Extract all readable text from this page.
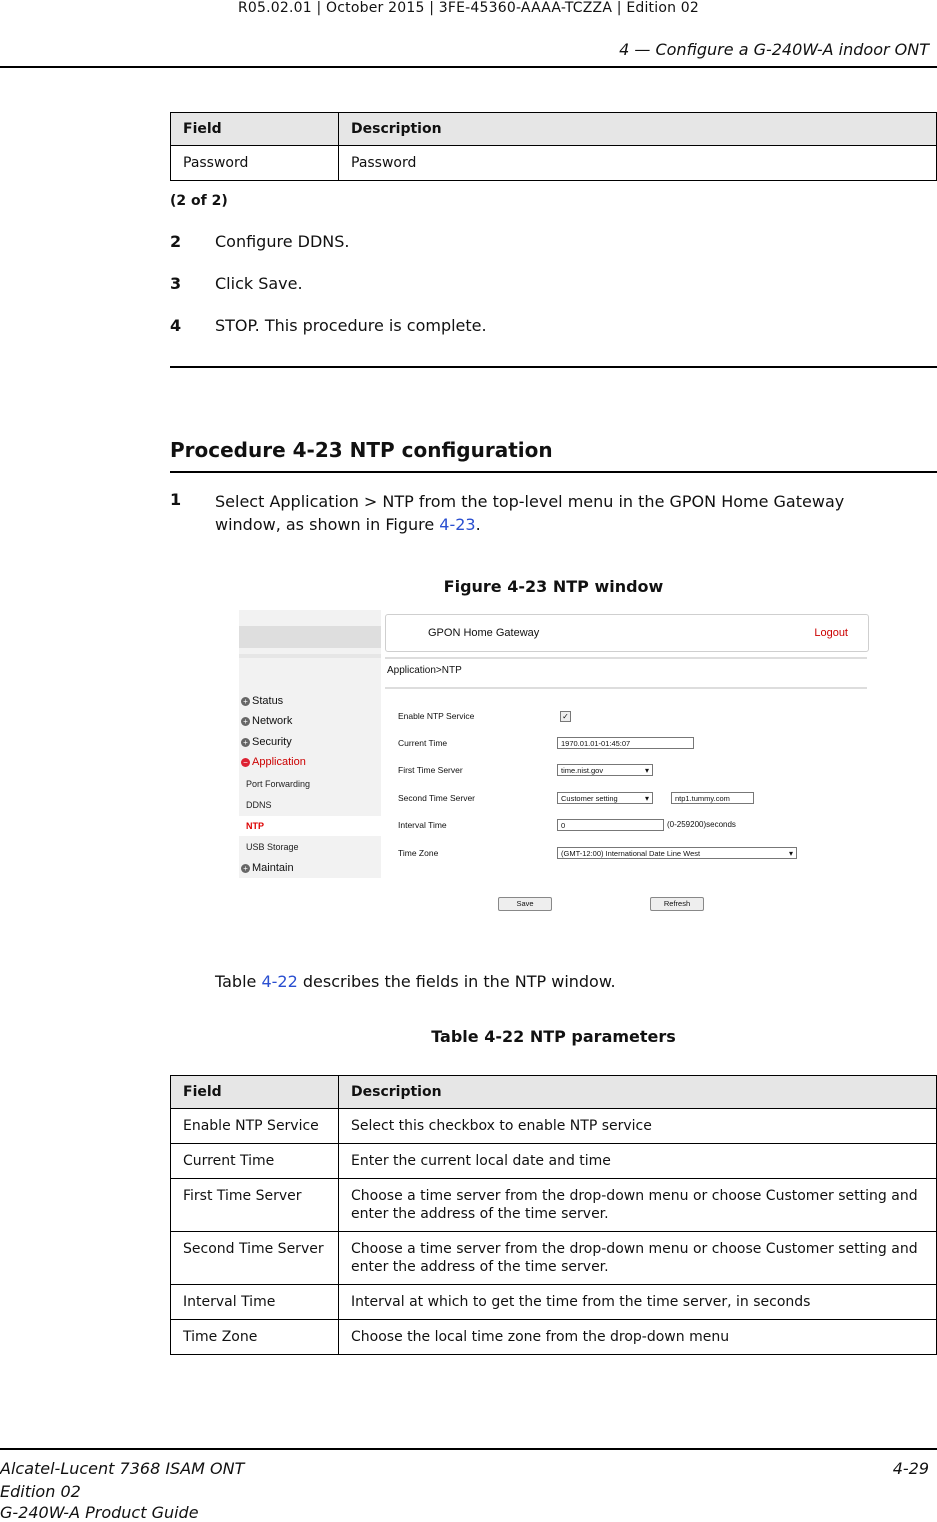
R05.02.01 | October 2015 | 3FE-45360-AAAA-TCZZA | Edition 02
4 — Configure a G-240W-A indoor ONT
Field	Description
Password	Password
(2 of 2)
2 Configure DDNS.
3 Click Save.
4 STOP. This procedure is complete.
Procedure 4-23 NTP configuration
1 Select Application > NTP from the top-level menu in the GPON Home Gateway
window, as shown in Figure 4-23.
Figure 4-23 NTP window
+ Status
+ Network
+ Security
− Application
Port Forwarding
DDNS
NTP
USB Storage
+ Maintain
GPON Home Gateway	Logout
Application>NTP
Enable NTP Service	✓
Current Time	1970.01.01-01:45:07
First Time Server	time.nist.gov ▾
Second Time Server	Customer setting ▾	ntp1.tummy.com
Interval Time	0	(0-259200)seconds
Time Zone	(GMT-12:00) International Date Line West ▾
Save	Refresh
Table 4-22 describes the fields in the NTP window.
Table 4-22 NTP parameters
Field	Description
Enable NTP Service	Select this checkbox to enable NTP service
Current Time	Enter the current local date and time
First Time Server	Choose a time server from the drop-down menu or choose Customer setting and enter the address of the time server.
Second Time Server	Choose a time server from the drop-down menu or choose Customer setting and enter the address of the time server.
Interval Time	Interval at which to get the time from the time server, in seconds
Time Zone	Choose the local time zone from the drop-down menu
Alcatel-Lucent 7368 ISAM ONT
Edition 02
G-240W-A Product Guide
4-29
